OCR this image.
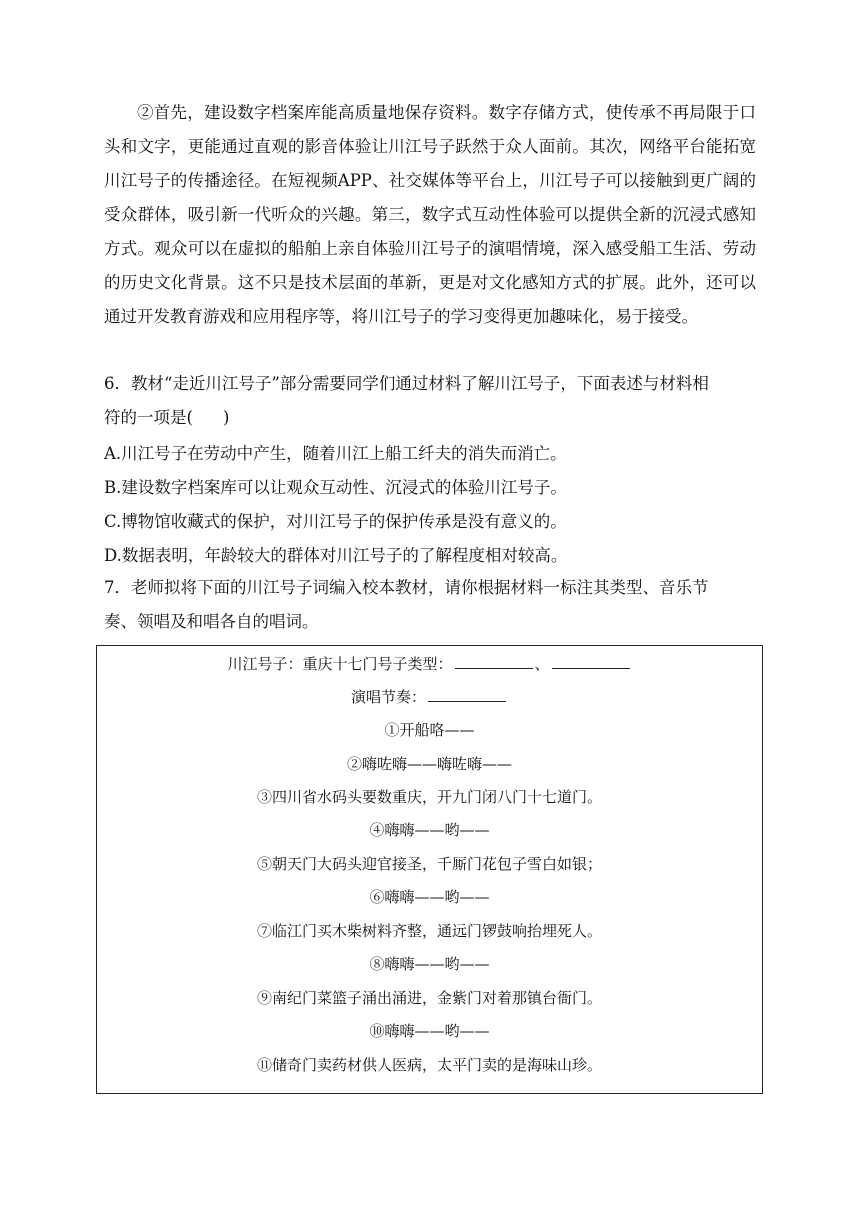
②首先，建设数字档案库能高质量地保存资料。数字存储方式，使传承不再局限于口头和文字，更能通过直观的影音体验让川江号子跃然于众人面前。其次，网络平台能拓宽川江号子的传播途径。在短视频APP、社交媒体等平台上，川江号子可以接触到更广阔的受众群体，吸引新一代听众的兴趣。第三，数字式互动性体验可以提供全新的沉浸式感知方式。观众可以在虚拟的船舶上亲自体验川江号子的演唱情境，深入感受船工生活、劳动的历史文化背景。这不只是技术层面的革新，更是对文化感知方式的扩展。此外，还可以通过开发教育游戏和应用程序等，将川江号子的学习变得更加趣味化，易于接受。

6．教材“走近川江号子”部分需要同学们通过材料了解川江号子，下面表述与材料相
符的一项是( )

A.川江号子在劳动中产生，随着川江上船工纤夫的消失而消亡。

B.建设数字档案库可以让观众互动性、沉浸式的体验川江号子。

C.博物馆收藏式的保护，对川江号子的保护传承是没有意义的。

D.数据表明，年龄较大的群体对川江号子的了解程度相对较高。

7．老师拟将下面的川江号子词编入校本教材，请你根据材料一标注其类型、音乐节
奏、领唱及和唱各自的唱词。

川江号子：重庆十七门号子类型：	、
演唱节奏：
①开船咯——
②嗨咗嗨——嗨咗嗨——
③四川省水码头要数重庆，开九门闭八门十七道门。
④嗨嗨——哟——
⑤朝天门大码头迎官接圣，千厮门花包子雪白如银；
⑥嗨嗨——哟——
⑦临江门买木柴树料齐整，通远门锣鼓响抬埋死人。
⑧嗨嗨——哟——
⑨南纪门菜篮子涌出涌进，金紫门对着那镇台衙门。
⑩嗨嗨——哟——
⑪储奇门卖药材供人医病，太平门卖的是海味山珍。
